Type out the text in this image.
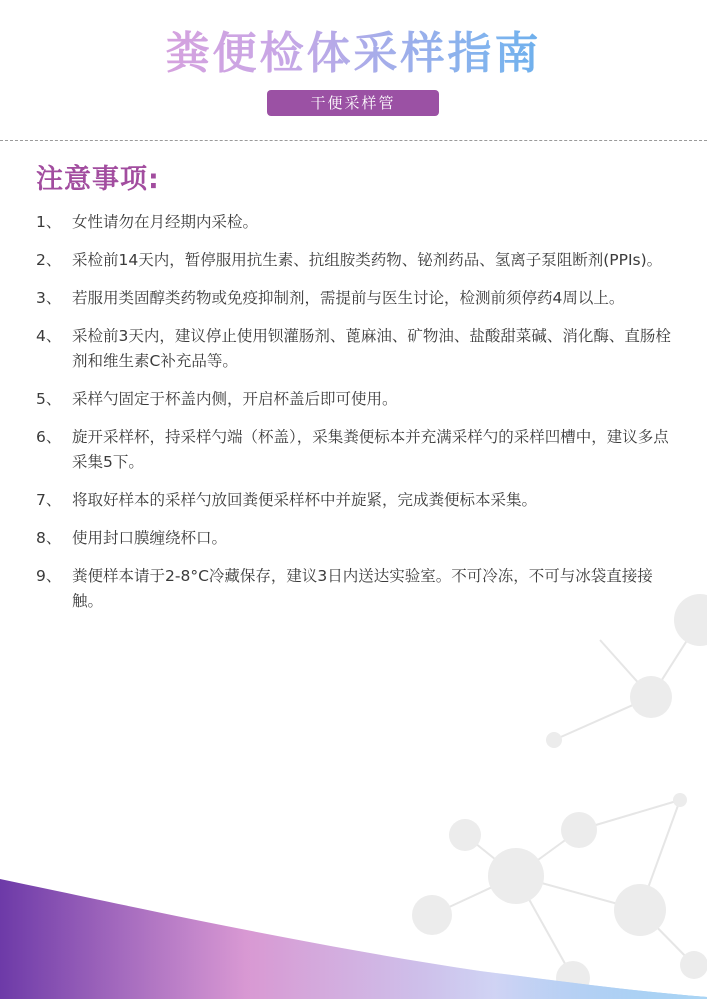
粪便检体采样指南
干便采样管
注意事项:
1、 女性请勿在月经期内采检。
2、 采检前14天内，暂停服用抗生素、抗组胺类药物、铋剂药品、氢离子泵阻断剂(PPIs)。
3、 若服用类固醇类药物或免疫抑制剂，需提前与医生讨论，检测前须停药4周以上。
4、 采检前3天内，建议停止使用钡灌肠剂、蓖麻油、矿物油、盐酸甜菜碱、消化酶、直肠栓剂和维生素C补充品等。
5、 采样勺固定于杯盖内侧，开启杯盖后即可使用。
6、 旋开采样杯，持采样勺端（杯盖），采集粪便标本并充满采样勺的采样凹槽中，建议多点采集5下。
7、 将取好样本的采样勺放回粪便采样杯中并旋紧，完成粪便标本采集。
8、 使用封口膜缠绕杯口。
9、 粪便样本请于2-8°C冷藏保存，建议3日内送达实验室。不可冷冻，不可与冰袋直接接触。
